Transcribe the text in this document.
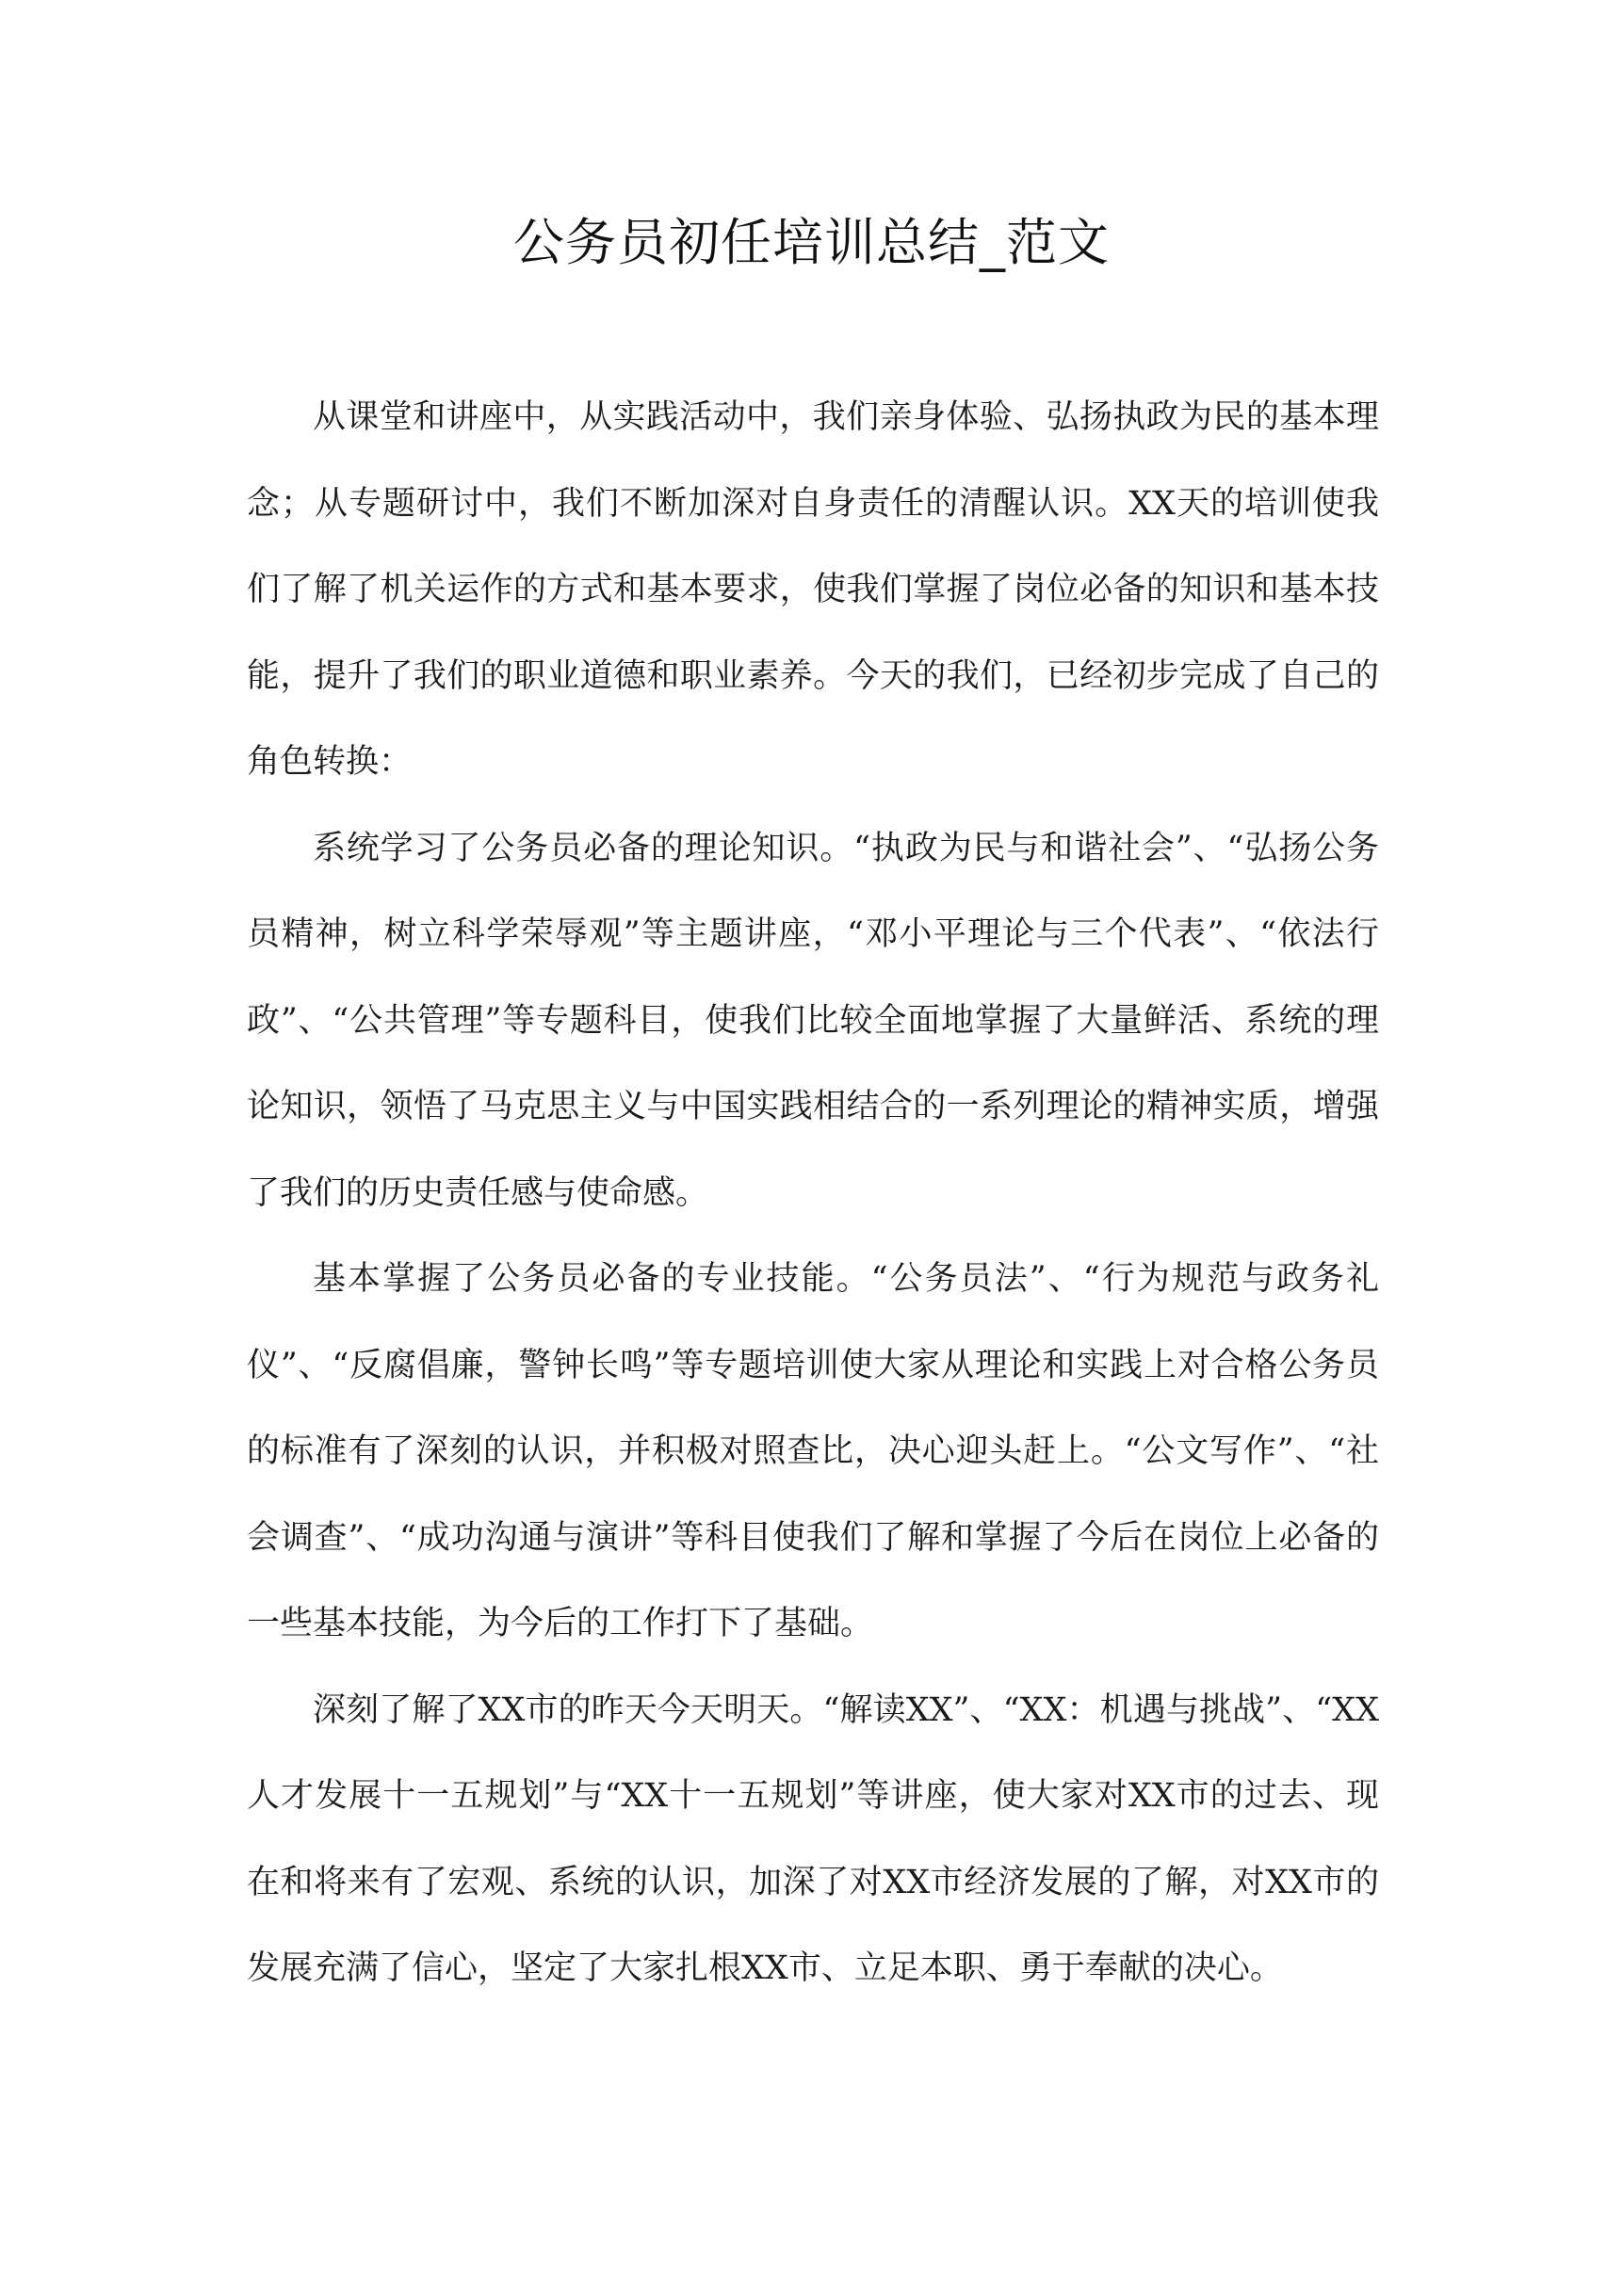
公务员初任培训总结_范文

从课堂和讲座中，从实践活动中，我们亲身体验、弘扬执政为民的基本理念；从专题研讨中，我们不断加深对自身责任的清醒认识。XX天的培训使我们了解了机关运作的方式和基本要求，使我们掌握了岗位必备的知识和基本技能，提升了我们的职业道德和职业素养。今天的我们，已经初步完成了自己的角色转换：

系统学习了公务员必备的理论知识。“执政为民与和谐社会”、“弘扬公务员精神，树立科学荣辱观”等主题讲座，“邓小平理论与三个代表”、“依法行政”、“公共管理”等专题科目，使我们比较全面地掌握了大量鲜活、系统的理论知识，领悟了马克思主义与中国实践相结合的一系列理论的精神实质，增强了我们的历史责任感与使命感。

基本掌握了公务员必备的专业技能。“公务员法”、“行为规范与政务礼仪”、“反腐倡廉，警钟长鸣”等专题培训使大家从理论和实践上对合格公务员的标准有了深刻的认识，并积极对照查比，决心迎头赶上。“公文写作”、“社会调查”、“成功沟通与演讲”等科目使我们了解和掌握了今后在岗位上必备的一些基本技能，为今后的工作打下了基础。

深刻了解了XX市的昨天今天明天。“解读XX”、“XX：机遇与挑战”、“XX人才发展十一五规划”与“XX十一五规划”等讲座，使大家对XX市的过去、现在和将来有了宏观、系统的认识，加深了对XX市经济发展的了解，对XX市的发展充满了信心，坚定了大家扎根XX市、立足本职、勇于奉献的决心。
